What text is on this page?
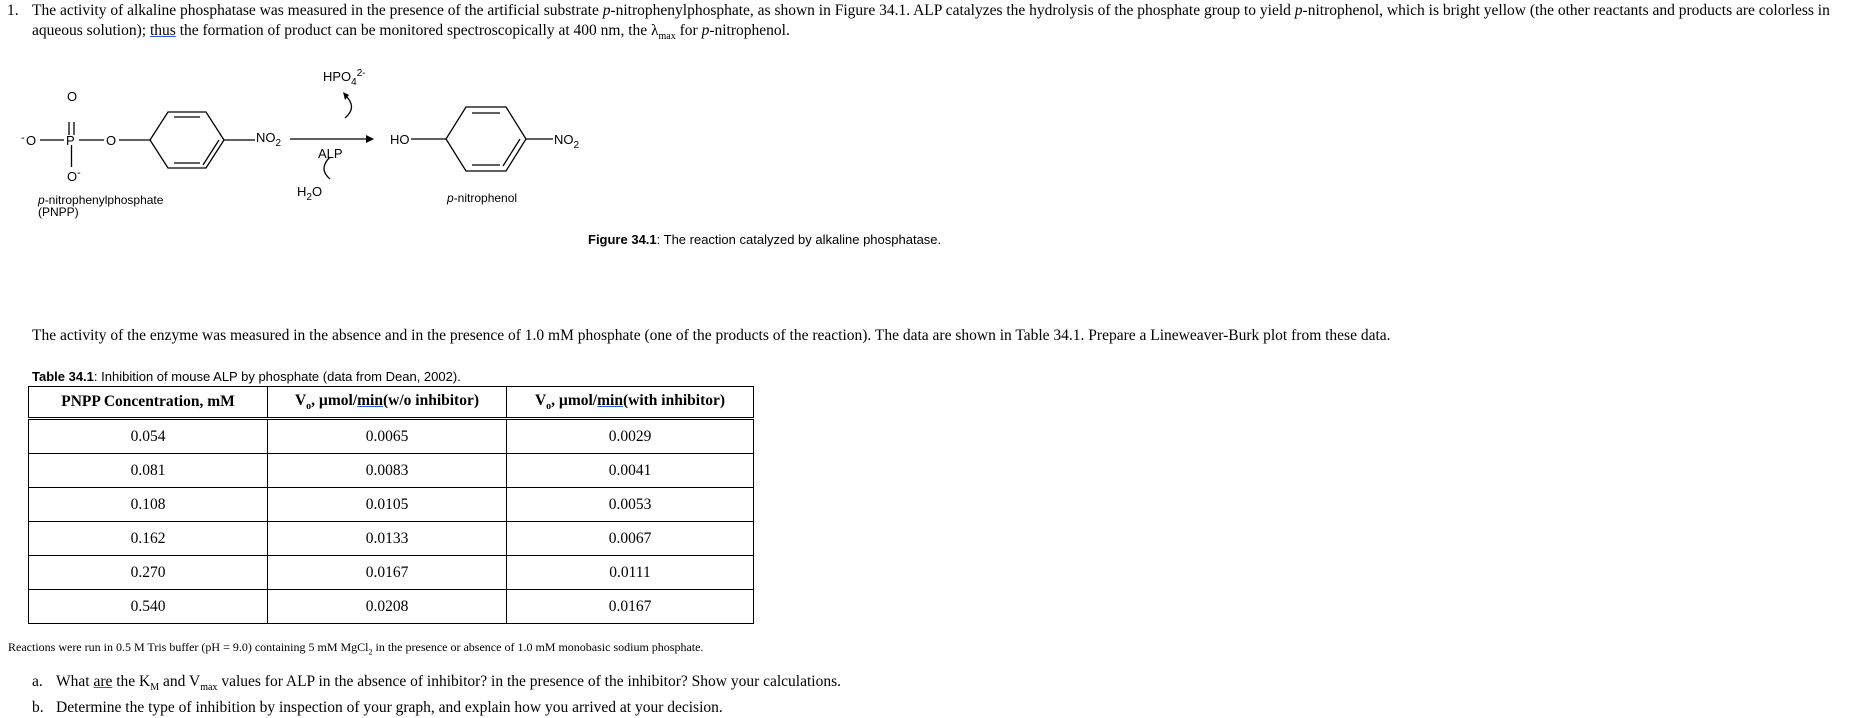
1. The activity of alkaline phosphatase was measured in the presence of the artificial substrate p-nitrophenylphosphate, as shown in Figure 34.1. ALP catalyzes the hydrolysis of the phosphate group to yield p-nitrophenol, which is bright yellow (the other reactants and products are colorless in aqueous solution); thus the formation of product can be monitored spectroscopically at 400 nm, the $\lambda_{max}$ for p-nitrophenol.
O
O
-	P O
O -
$NO_2$
$HPO_4^{2-}$
ALP
$H_2O$
HO	$NO_2$
p-nitrophenylphosphate
(PNPP)
p-nitrophenol
Figure 34.1: The reaction catalyzed by alkaline phosphatase.
The activity of the enzyme was measured in the absence and in the presence of 1.0 mM phosphate (one of the products of the reaction). The data are shown in Table 34.1. Prepare a Lineweaver-Burk plot from these data.
Table 34.1: Inhibition of mouse ALP by phosphate (data from Dean, 2002).
PNPP Concentration, mM	$V_o$, µmol/min(w/o inhibitor)	$V_o$, µmol/min(with inhibitor)
0.054	0.0065	0.0029
0.081	0.0083	0.0041
0.108	0.0105	0.0053
0.162	0.0133	0.0067
0.270	0.0167	0.0111
0.540	0.0208	0.0167
Reactions were run in 0.5 M Tris buffer (pH = 9.0) containing 5 mM MgCl$_2$ in the presence or absence of 1.0 mM monobasic sodium phosphate.
a. What are the $K_M$ and $V_{max}$ values for ALP in the absence of inhibitor? in the presence of the inhibitor? Show your calculations.
b. Determine the type of inhibition by inspection of your graph, and explain how you arrived at your decision.
